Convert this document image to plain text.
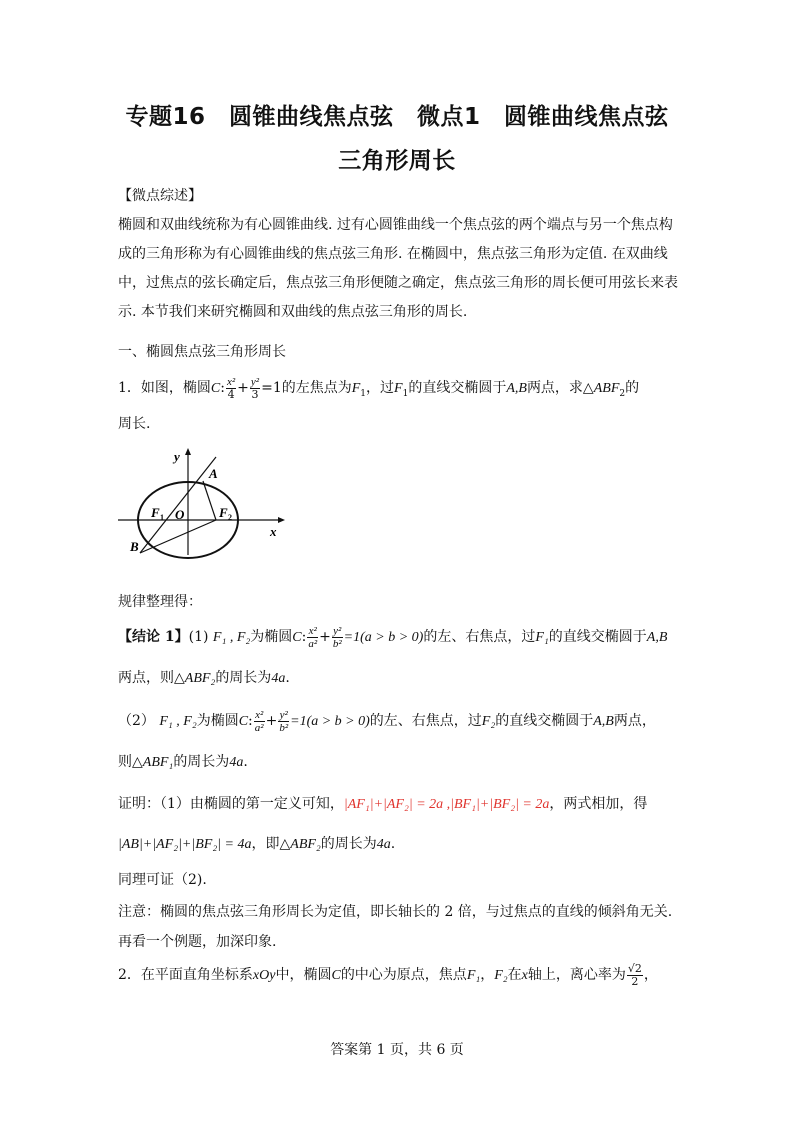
专题16　圆锥曲线焦点弦　微点1　圆锥曲线焦点弦
三角形周长
【微点综述】
椭圆和双曲线统称为有心圆锥曲线. 过有心圆锥曲线一个焦点弦的两个端点与另一个焦点构
成的三角形称为有心圆锥曲线的焦点弦三角形. 在椭圆中，焦点弦三角形为定值. 在双曲线
中，过焦点的弦长确定后，焦点弦三角形便随之确定，焦点弦三角形的周长便可用弦长来表
示. 本节我们来研究椭圆和双曲线的焦点弦三角形的周长.
一、椭圆焦点弦三角形周长
1．如图，椭圆C: $\frac{\text{x²}}{4} + \frac{\text{y²}}{3} =1$的左焦点为$F_1$，过$F_1$的直线交椭圆于A,B两点，求$\triangle ABF_2$的
周长.
y
x
A
B
O
F 1	F 2
规律整理得：
【结论 1】(1) F₁ , F₂为椭圆C: $\frac{\text{x²}}{\text{a²}} + \frac{\text{y²}}{\text{b²}} =1(a > b > 0)$的左、右焦点，过F₁的直线交椭圆于A,B
两点，则△ABF₂的周长为4a.
（2） F₁ , F₂为椭圆C: $\frac{\text{x²}}{\text{a²}} + \frac{\text{y²}}{\text{b²}} =1(a > b > 0)$的左、右焦点，过F₂的直线交椭圆于A,B两点，
则△ABF₁的周长为4a.
证明：（1）由椭圆的第一定义可知，|AF₁|+|AF₂| = 2a ,|BF₁|+|BF₂| = 2a，两式相加，得
|AB|+|AF₂|+|BF₂| = 4a，即△ABF₂的周长为4a.
同理可证（2).
注意：椭圆的焦点弦三角形周长为定值，即长轴长的 2 倍，与过焦点的直线的倾斜角无关.
再看一个例题，加深印象.
2．在平面直角坐标系xOy中，椭圆C的中心为原点，焦点F₁，F₂在x轴上，离心率为 $\frac{√2}{2}$ ，
答案第 1 页，共 6 页
